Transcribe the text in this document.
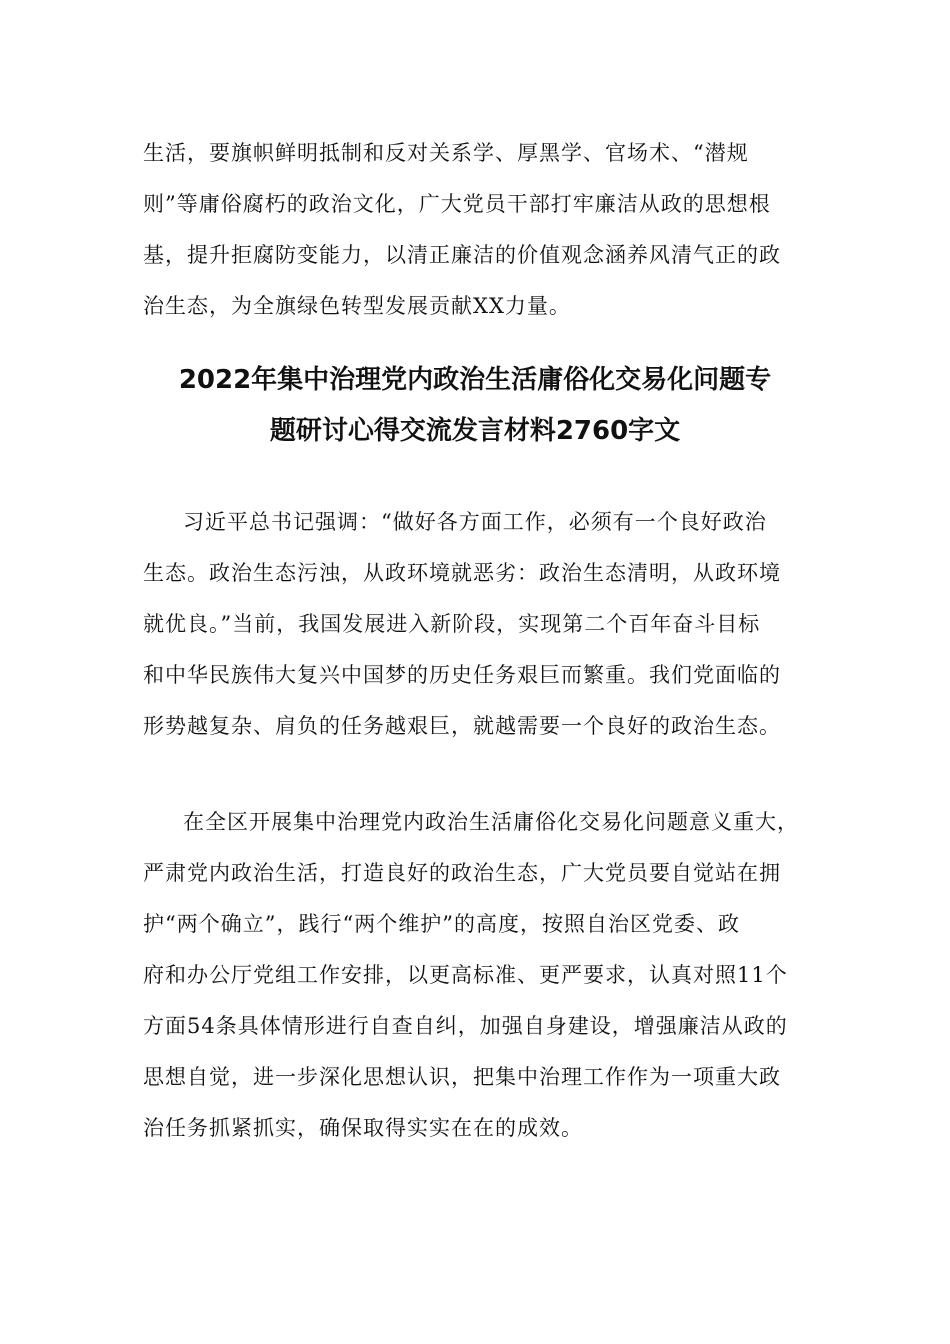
生活，要旗帜鲜明抵制和反对关系学、厚黑学、官场术、“潜规
则”等庸俗腐朽的政治文化，广大党员干部打牢廉洁从政的思想根
基，提升拒腐防变能力，以清正廉洁的价值观念涵养风清气正的政
治生态，为全旗绿色转型发展贡献XX力量。
2022年集中治理党内政治生活庸俗化交易化问题专
题研讨心得交流发言材料2760字文
习近平总书记强调：“做好各方面工作，必须有一个良好政治
生态。政治生态污浊，从政环境就恶劣：政治生态清明，从政环境
就优良。”当前，我国发展进入新阶段，实现第二个百年奋斗目标
和中华民族伟大复兴中国梦的历史任务艰巨而繁重。我们党面临的
形势越复杂、肩负的任务越艰巨，就越需要一个良好的政治生态。
在全区开展集中治理党内政治生活庸俗化交易化问题意义重大，
严肃党内政治生活，打造良好的政治生态，广大党员要自觉站在拥
护“两个确立”，践行“两个维护”的高度，按照自治区党委、政
府和办公厅党组工作安排，以更高标准、更严要求，认真对照11个
方面54条具体情形进行自查自纠，加强自身建设，增强廉洁从政的
思想自觉，进一步深化思想认识，把集中治理工作作为一项重大政
治任务抓紧抓实，确保取得实实在在的成效。
